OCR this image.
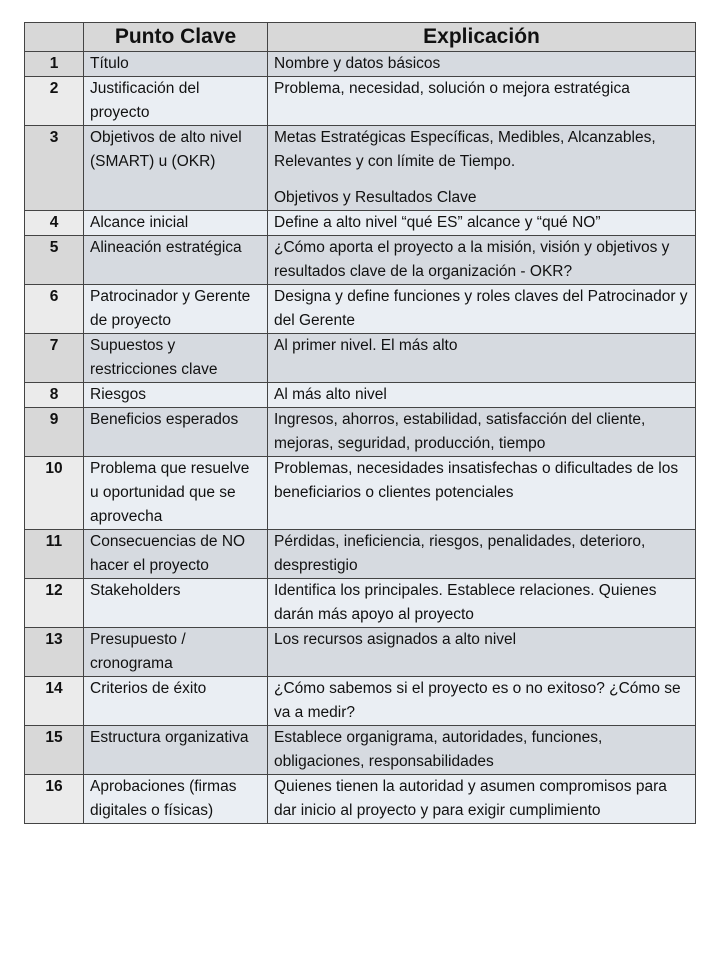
	Punto Clave	Explicación
1	Título	Nombre y datos básicos

2	Justificación del proyecto	Problema, necesidad, solución o mejora estratégica

3	Objetivos de alto nivel (SMART) u (OKR)	Metas Estratégicas Específicas, Medibles, Alcanzables, Relevantes y con límite de Tiempo.
Objetivos y Resultados Clave

4	Alcance inicial	Define a alto nivel “qué ES” alcance y “qué NO”

5	Alineación estratégica	¿Cómo aporta el proyecto a la misión, visión y objetivos y resultados clave de la organización - OKR?

6	Patrocinador y Gerente de proyecto	Designa y define funciones y roles claves del Patrocinador y del Gerente

7	Supuestos y restricciones clave	Al primer nivel. El más alto

8	Riesgos	Al más alto nivel

9	Beneficios esperados	Ingresos, ahorros, estabilidad, satisfacción del cliente, mejoras, seguridad, producción, tiempo

10	Problema que resuelve u oportunidad que se aprovecha	Problemas, necesidades insatisfechas o dificultades de los beneficiarios o clientes potenciales

11	Consecuencias de NO hacer el proyecto	Pérdidas, ineficiencia, riesgos, penalidades, deterioro, desprestigio

12	Stakeholders	Identifica los principales. Establece relaciones. Quienes darán más apoyo al proyecto

13	Presupuesto / cronograma	Los recursos asignados a alto nivel

14	Criterios de éxito	¿Cómo sabemos si el proyecto es o no exitoso? ¿Cómo se va a medir?

15	Estructura organizativa	Establece organigrama, autoridades, funciones, obligaciones, responsabilidades

16	Aprobaciones (firmas digitales o físicas)	Quienes tienen la autoridad y asumen compromisos para dar inicio al proyecto y para exigir cumplimiento
